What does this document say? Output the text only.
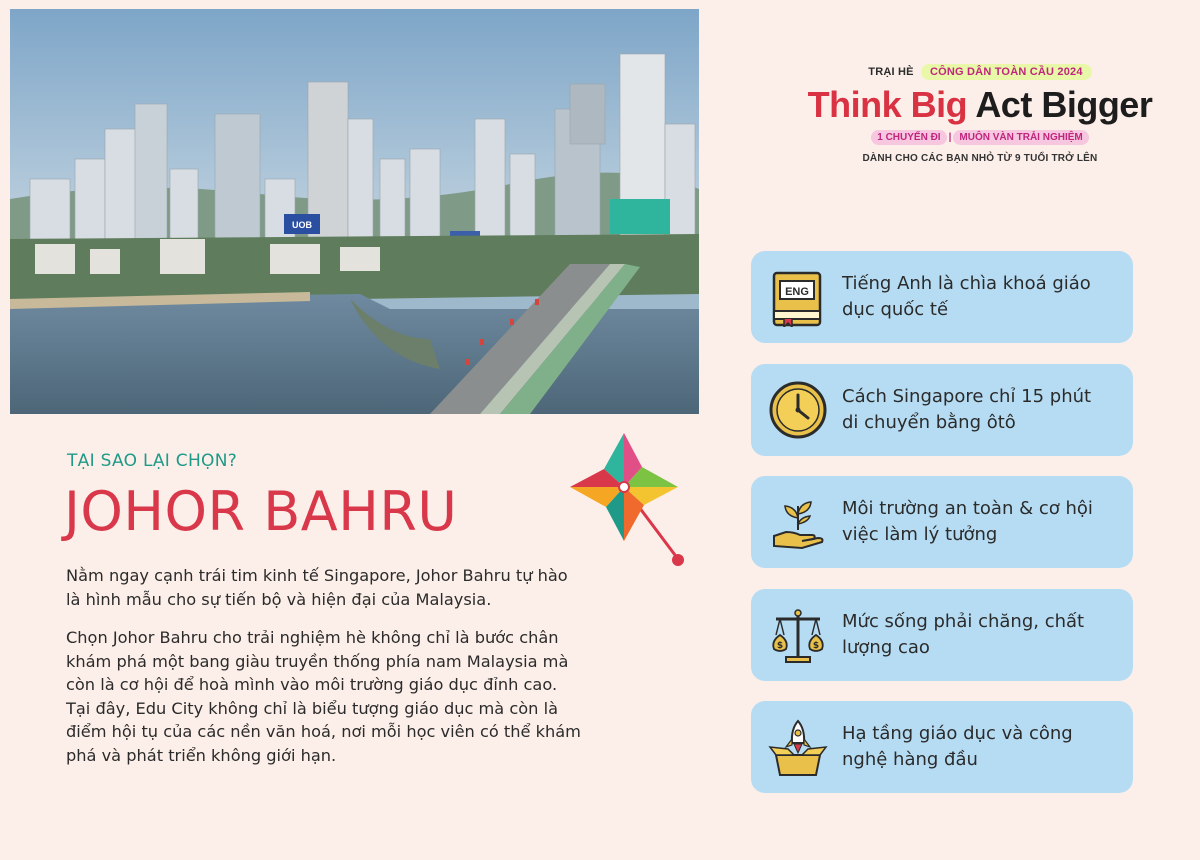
UOB
TRẠI HÈ CÔNG DÂN TOÀN CẦU 2024
Think Big Act Bigger
1 CHUYẾN ĐI | MUÔN VÀN TRẢI NGHIỆM
DÀNH CHO CÁC BẠN NHỎ TỪ 9 TUỔI TRỞ LÊN
ENG Tiếng Anh là chìa khoá giáo dục quốc tế
Cách Singapore chỉ 15 phút di chuyển bằng ôtô
Môi trường an toàn & cơ hội việc làm lý tưởng
$	$
Mức sống phải chăng, chất lượng cao
Hạ tầng giáo dục và công nghệ hàng đầu
TẠI SAO LẠI CHỌN?
JOHOR BAHRU
Nằm ngay cạnh trái tim kinh tế Singapore, Johor Bahru tự hào là hình mẫu cho sự tiến bộ và hiện đại của Malaysia.
Chọn Johor Bahru cho trải nghiệm hè không chỉ là bước chân khám phá một bang giàu truyền thống phía nam Malaysia mà còn là cơ hội để hoà mình vào môi trường giáo dục đỉnh cao. Tại đây, Edu City không chỉ là biểu tượng giáo dục mà còn là điểm hội tụ của các nền văn hoá, nơi mỗi học viên có thể khám phá và phát triển không giới hạn.
